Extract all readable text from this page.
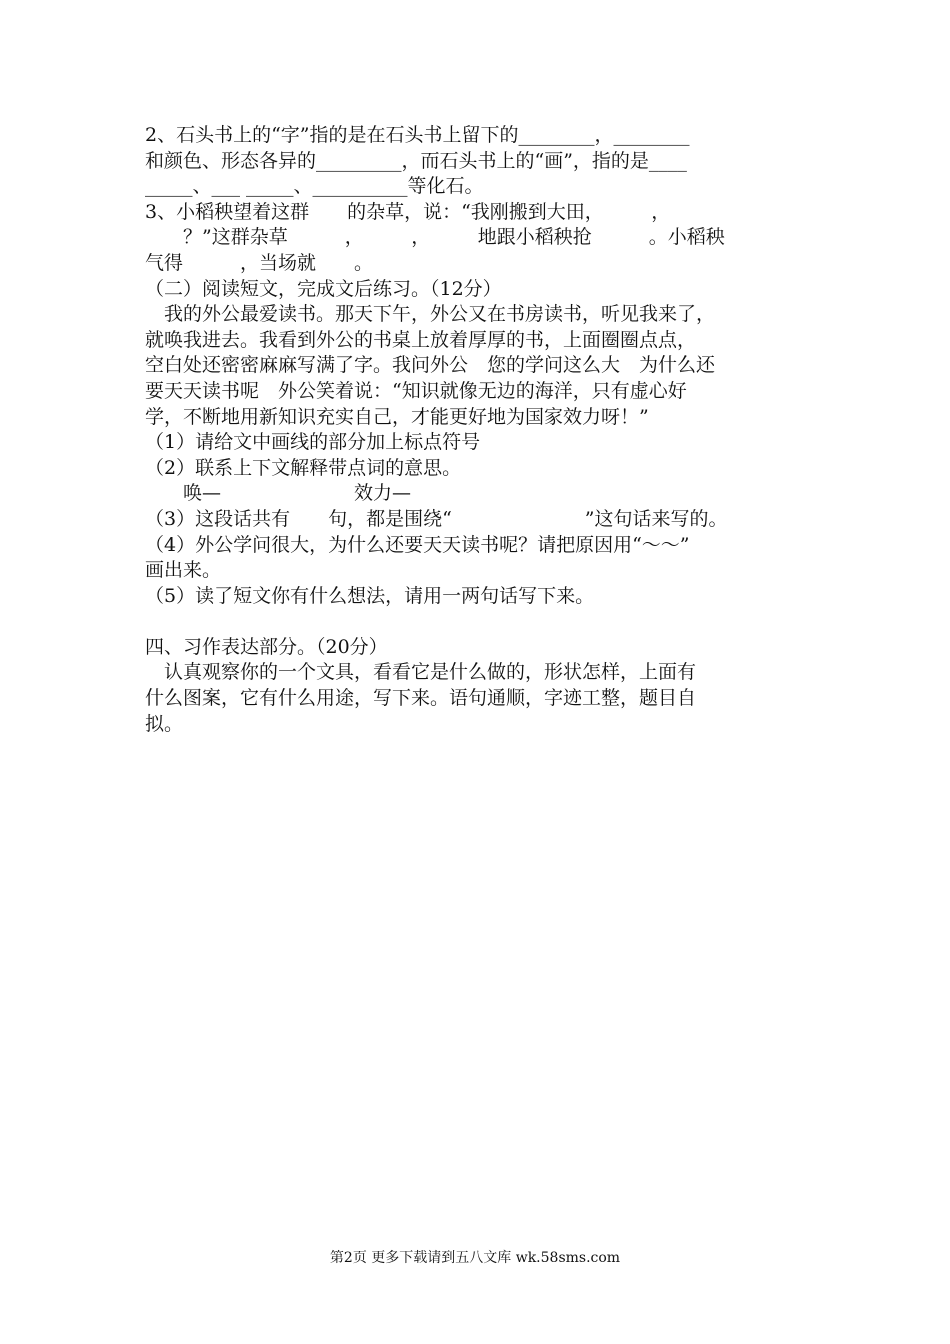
2、石头书上的“字”指的是在石头书上留下的________，________
和颜色、形态各异的_________，而石头书上的“画”，指的是____
_____、___ _____、__________等化石。
3、小稻秧望着这群　　的杂草，说：“我刚搬到大田，　　　，
　　？”这群杂草　　　，　　　，　　　地跟小稻秧抢　　　。小稻秧
气得　　　，当场就　　。
（二）阅读短文，完成文后练习。（12分）
　我的外公最爱读书。那天下午，外公又在书房读书，听见我来了，
就唤我进去。我看到外公的书桌上放着厚厚的书，上面圈圈点点，
空白处还密密麻麻写满了字。我问外公　您的学问这么大　为什么还
要天天读书呢　外公笑着说：“知识就像无边的海洋，只有虚心好
学，不断地用新知识充实自己，才能更好地为国家效力呀！”
（1）请给文中画线的部分加上标点符号
（2）联系上下文解释带点词的意思。
　　唤—　　　　　　　效力—
（3）这段话共有　　句，都是围绕“　　　　　　　”这句话来写的。
（4）外公学问很大，为什么还要天天读书呢？请把原因用“～～”
画出来。
（5）读了短文你有什么想法，请用一两句话写下来。
四、习作表达部分。（20分）
　认真观察你的一个文具，看看它是什么做的，形状怎样，上面有
什么图案，它有什么用途，写下来。语句通顺，字迹工整，题目自
拟。
第2页 更多下载请到五八文库 wk.58sms.com
